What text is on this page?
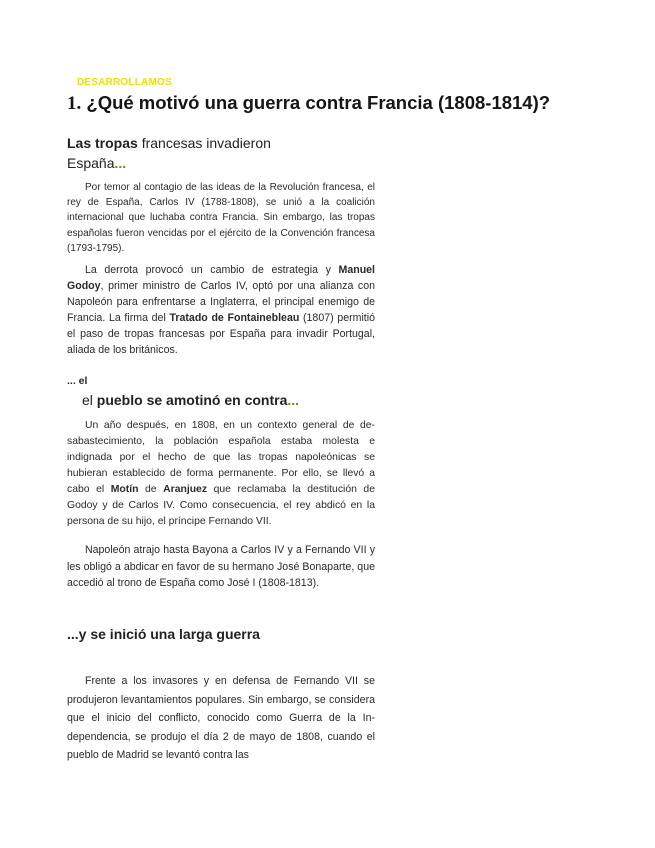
DESARROLLAMOS
1. ¿Qué motivó una guerra contra Francia (1808-1814)?
Las tropas francesas invadieron España...

Por temor al contagio de las ideas de la Revolución francesa, el rey de España, Carlos IV (1788-1808), se unió a la coalición internacional que luchaba contra Francia. Sin embargo, las tropas españolas fueron vencidas por el ejército de la Convención francesa (1793-1795).

La derrota provocó un cambio de estrategia y Manuel Godoy, primer ministro de Carlos IV, optó por una alianza con Napoleón para enfrentarse a Inglaterra, el principal enemigo de Francia. La firma del Tratado de Fontainebleau (1807) permitió el paso de tropas francesas por España para invadir Portugal, aliada de los británicos.

... el
el pueblo se amotinó en contra...

Un año después, en 1808, en un contexto general de desabastecimiento, la población española estaba molesta e indignada por el hecho de que las tropas napoleónicas se hubieran establecido de forma permanente. Por ello, se llevó a cabo el Motín de Aranjuez que reclamaba la destitución de Godoy y de Carlos IV. Como consecuencia, el rey abdicó en la persona de su hijo, el príncipe Fernando VII.

Napoleón atrajo hasta Bayona a Carlos IV y a Fernando VII y les obligó a abdicar en favor de su hermano José Bonaparte, que accedió al trono de España como José I (1808-1813).

...y se inició una larga guerra

Frente a los invasores y en defensa de Fernando VII se produjeron levantamientos populares. Sin embargo, se considera que el inicio del conflicto, conocido como Guerra de la Independencia, se produjo el día 2 de mayo de 1808, cuando el pueblo de Madrid se levantó contra las
